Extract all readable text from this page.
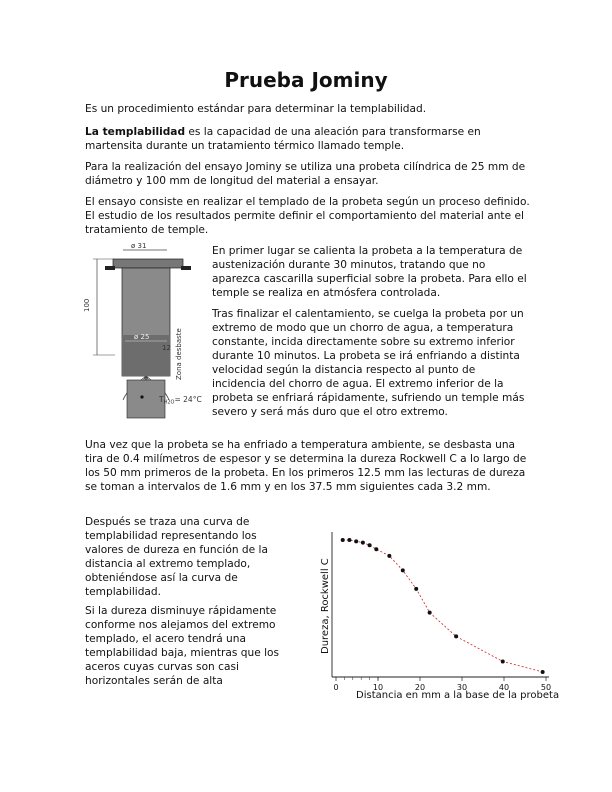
Prueba Jominy

Es un procedimiento estándar para determinar la templabilidad.

La templabilidad es la capacidad de una aleación para transformarse en martensita durante un tratamiento térmico llamado temple.

Para la realización del ensayo Jominy se utiliza una probeta cilíndrica de 25 mm de diámetro y 100 mm de longitud del material a ensayar.

El ensayo consiste en realizar el templado de la probeta según un proceso definido. El estudio de los resultados permite definir el comportamiento del material ante el tratamiento de temple.

ø 31
100
ø 25
12 Zona desbaste
$T_{H2O}= 24^\circ C$

En primer lugar se calienta la probeta a la temperatura de austenización durante 30 minutos, tratando que no aparezca cascarilla superficial sobre la probeta. Para ello el temple se realiza en atmósfera controlada.

Tras finalizar el calentamiento, se cuelga la probeta por un extremo de modo que un chorro de agua, a temperatura constante, incida directamente sobre su extremo inferior durante 10 minutos. La probeta se irá enfriando a distinta velocidad según la distancia respecto al punto de incidencia del chorro de agua. El extremo inferior de la probeta se enfriará rápidamente, sufriendo un temple más severo y será más duro que el otro extremo.

Una vez que la probeta se ha enfriado a temperatura ambiente, se desbasta una tira de 0.4 milímetros de espesor y se determina la dureza Rockwell C a lo largo de los 50 mm primeros de la probeta. En los primeros 12.5 mm las lecturas de dureza se toman a intervalos de 1.6 mm y en los 37.5 mm siguientes cada 3.2 mm.

Después se traza una curva de templabilidad representando los valores de dureza en función de la distancia al extremo templado, obteniéndose así la curva de templabilidad.

Si la dureza disminuye rápidamente conforme nos alejamos del extremo templado, el acero tendrá una templabilidad baja, mientras que los aceros cuyas curvas son casi horizontales serán de alta

Dureza, Rockwell C
Distancia en mm a la base de la probeta
0	10	20	30	40	50
